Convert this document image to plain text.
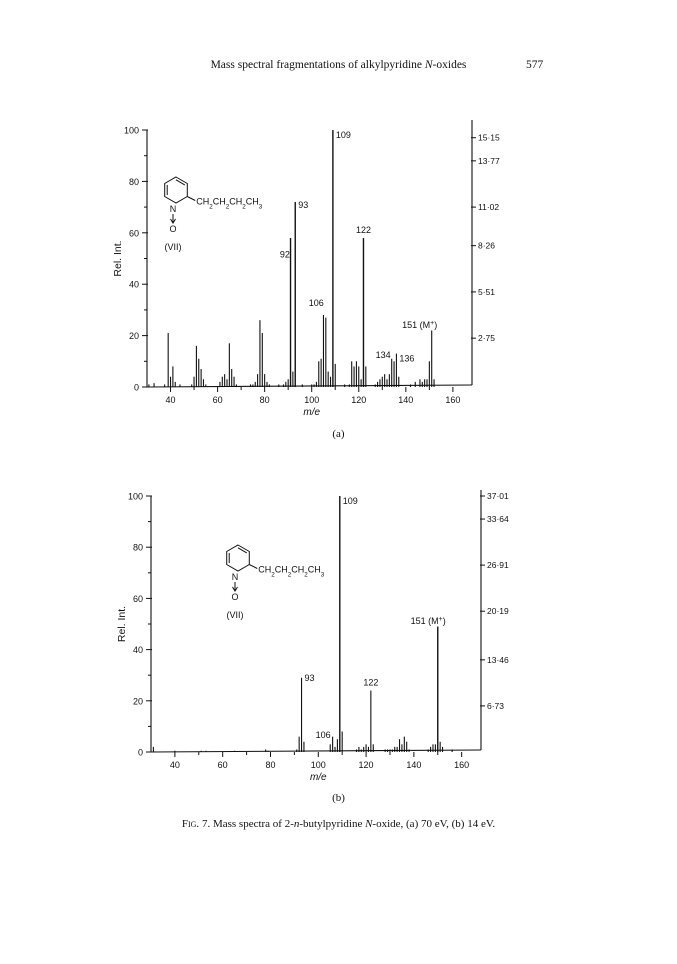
Mass spectral fragmentations of alkylpyridine N-oxides	577
0
20
40
60
80
100
Rel. Int.
15·15
13·77
11·02
8·26
5·51
2·75
40	60	80	100	120	140	160
m/e
109
93
92
122
106
151 (M+)
134 136
N
O
$CH_2CH_2CH_2CH_3$
(VII)
(a)
0
20
40
60
80
100
Rel. Int.
37·01
33·64
26·91
20·19
13·46
6·73
40	60	80	100	120	140	160
m/e
109
151 (M+)
93	122
106
N
O
$CH_2CH_2CH_2CH_3$
(VII)
(b)
Fig. 7. Mass spectra of 2-n-butylpyridine N-oxide, (a) 70 eV, (b) 14 eV.
